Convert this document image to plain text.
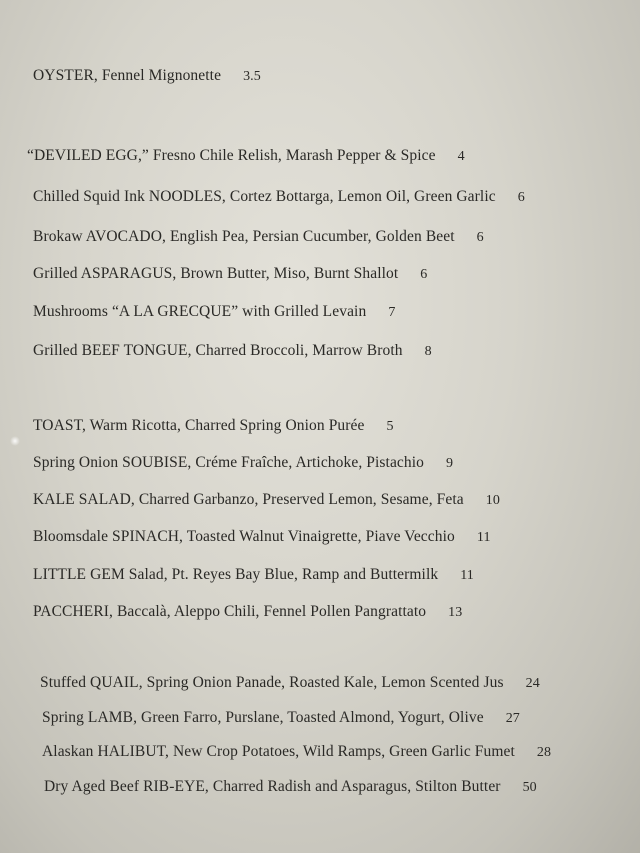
OYSTER, Fennel Mignonette 3.5
“DEVILED EGG,” Fresno Chile Relish, Marash Pepper & Spice 4
Chilled Squid Ink NOODLES, Cortez Bottarga, Lemon Oil, Green Garlic 6
Brokaw AVOCADO, English Pea, Persian Cucumber, Golden Beet 6
Grilled ASPARAGUS, Brown Butter, Miso, Burnt Shallot 6
Mushrooms “A LA GRECQUE” with Grilled Levain 7
Grilled BEEF TONGUE, Charred Broccoli, Marrow Broth 8
TOAST, Warm Ricotta, Charred Spring Onion Purée 5
Spring Onion SOUBISE, Créme Fraîche, Artichoke, Pistachio 9
KALE SALAD, Charred Garbanzo, Preserved Lemon, Sesame, Feta 10
Bloomsdale SPINACH, Toasted Walnut Vinaigrette, Piave Vecchio 11
LITTLE GEM Salad, Pt. Reyes Bay Blue, Ramp and Buttermilk 11
PACCHERI, Baccalà, Aleppo Chili, Fennel Pollen Pangrattato 13
Stuffed QUAIL, Spring Onion Panade, Roasted Kale, Lemon Scented Jus 24
Spring LAMB, Green Farro, Purslane, Toasted Almond, Yogurt, Olive 27
Alaskan HALIBUT, New Crop Potatoes, Wild Ramps, Green Garlic Fumet 28
Dry Aged Beef RIB-EYE, Charred Radish and Asparagus, Stilton Butter 50
